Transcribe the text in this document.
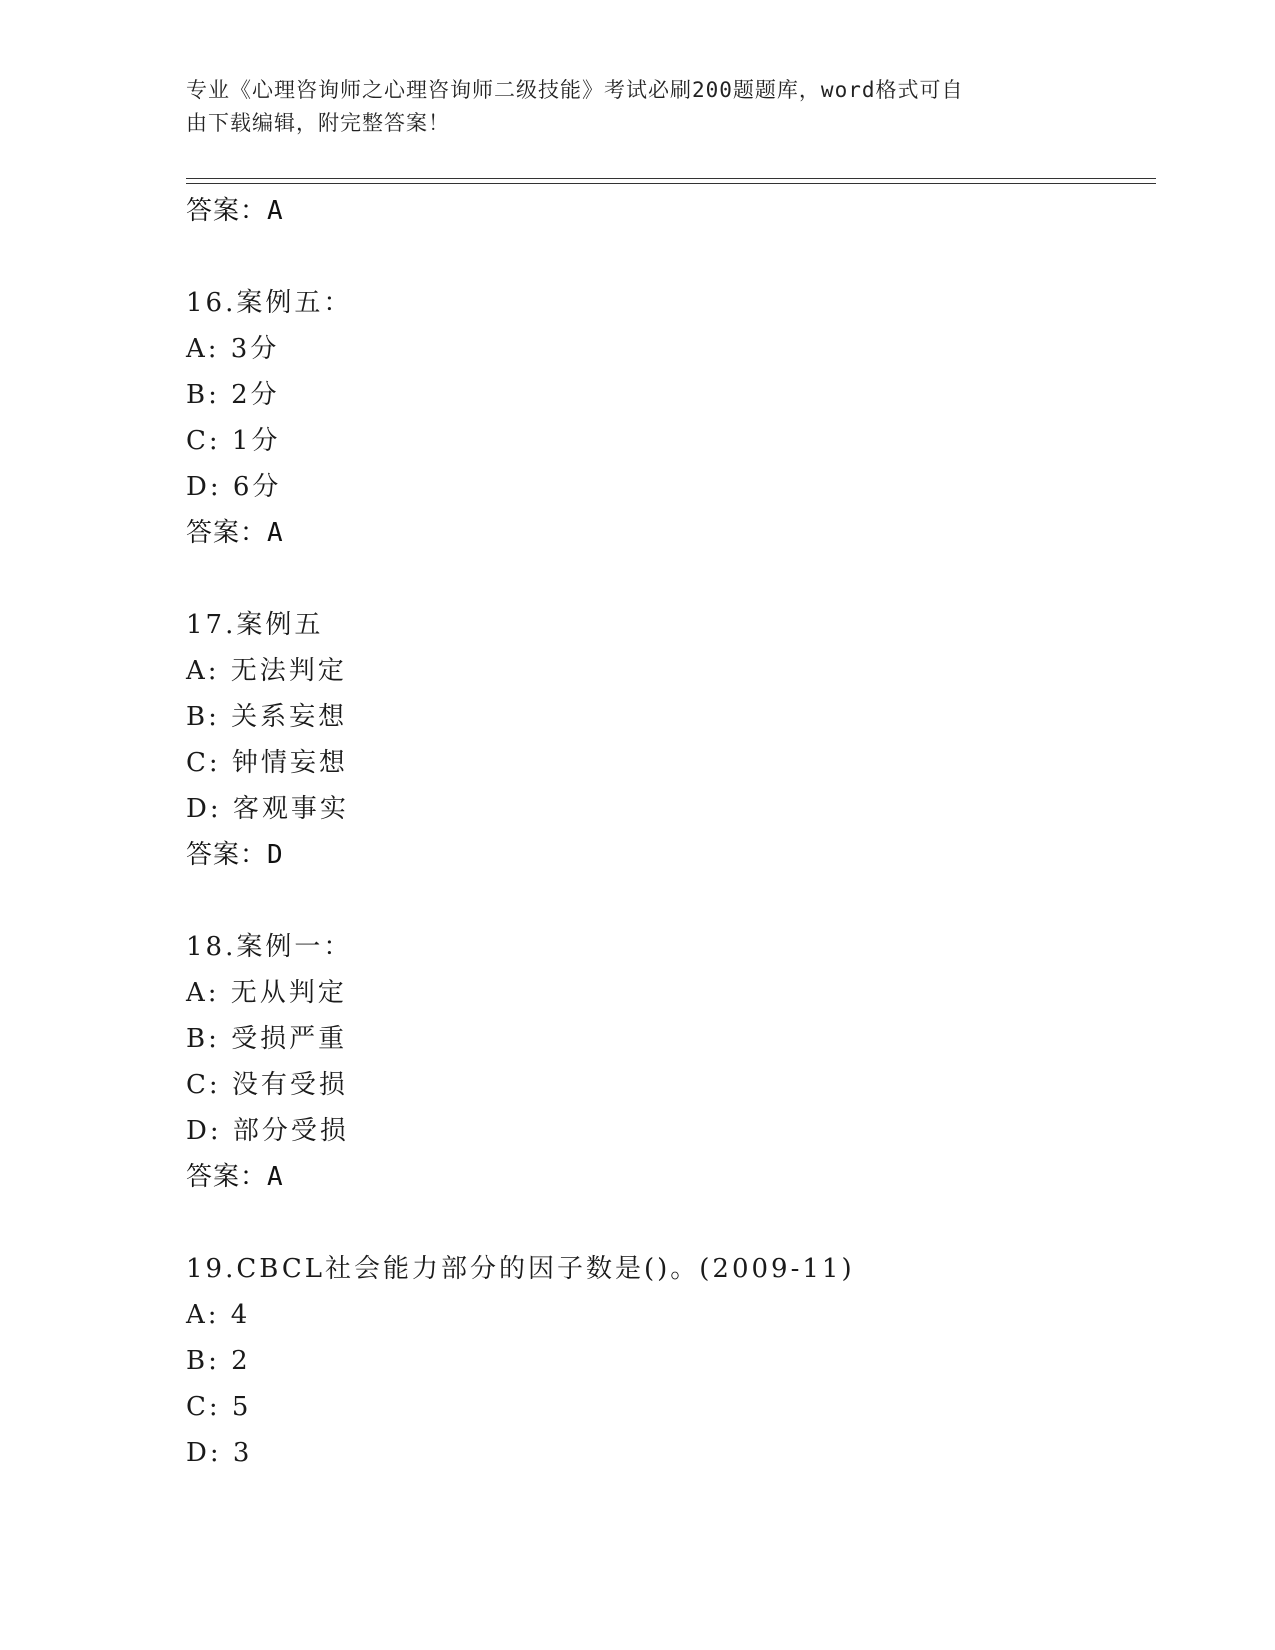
专业《心理咨询师之心理咨询师二级技能》考试必刷200题题库，word格式可自
由下载编辑，附完整答案！
答案：A
16.案例五：
A: 3分
B: 2分
C: 1分
D: 6分
答案：A
17.案例五
A: 无法判定
B: 关系妄想
C: 钟情妄想
D: 客观事实
答案：D
18.案例一：
A: 无从判定
B: 受损严重
C: 没有受损
D: 部分受损
答案：A
19.CBCL社会能力部分的因子数是()。(2009-11)
A: 4
B: 2
C: 5
D: 3
